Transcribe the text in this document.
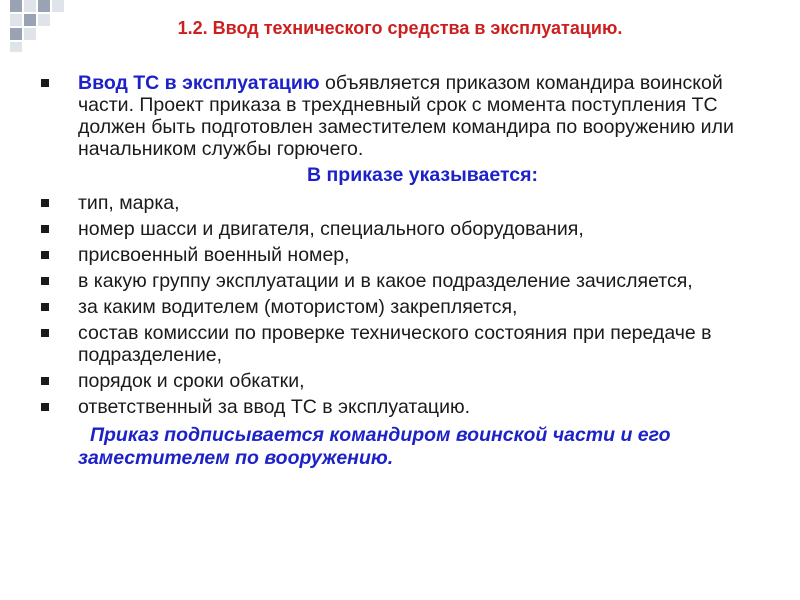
1.2. Ввод технического средства в эксплуатацию.
Ввод ТС в эксплуатацию объявляется приказом командира воинской части. Проект приказа в трехдневный срок с момента поступления ТС должен быть подготовлен заместителем командира по вооружению или начальником службы горючего.
В приказе указывается:
тип, марка,
номер шасси и двигателя, специального оборудования,
присвоенный военный номер,
в какую группу эксплуатации и в какое подразделение зачисляется,
за каким водителем (мотористом) закрепляется,
состав комиссии по проверке технического состояния при передаче в подразделение,
порядок и сроки обкатки,
ответственный за ввод ТС в эксплуатацию.
Приказ подписывается командиром воинской части и его заместителем по вооружению.
